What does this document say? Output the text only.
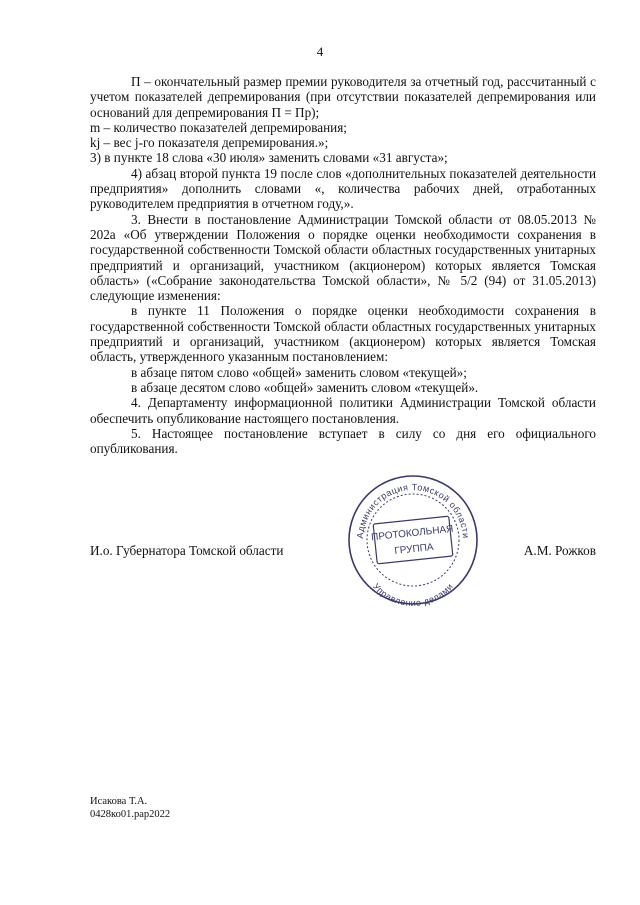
4

П – окончательный размер премии руководителя за отчетный год, рассчитанный с учетом показателей депремирования (при отсутствии показателей депремирования или оснований для депремирования П = Пр);

m – количество показателей депремирования;

kj – вес j-го показателя депремирования.»;

3) в пункте 18 слова «30 июля» заменить словами «31 августа»;

4) абзац второй пункта 19 после слов «дополнительных показателей деятельности предприятия» дополнить словами «, количества рабочих дней, отработанных руководителем предприятия в отчетном году,».

3. Внести в постановление Администрации Томской области от 08.05.2013 № 202а «Об утверждении Положения о порядке оценки необходимости сохранения в государственной собственности Томской области областных государственных унитарных предприятий и организаций, участником (акционером) которых является Томская область» («Собрание законодательства Томской области», № 5/2 (94) от 31.05.2013) следующие изменения:

в пункте 11 Положения о порядке оценки необходимости сохранения в государственной собственности Томской области областных государственных унитарных предприятий и организаций, участником (акционером) которых является Томская область, утвержденного указанным постановлением:

в абзаце пятом слово «общей» заменить словом «текущей»;

в абзаце десятом слово «общей» заменить словом «текущей».

4. Департаменту информационной политики Администрации Томской области обеспечить опубликование настоящего постановления.

5. Настоящее постановление вступает в силу со дня его официального опубликования.

Администрация Томской области
Управление делами
ПРОТОКОЛЬНАЯ
ГРУППА
И.о. Губернатора Томской области	А.М. Рожков
Исакова Т.А.
0428ко01.рар2022
